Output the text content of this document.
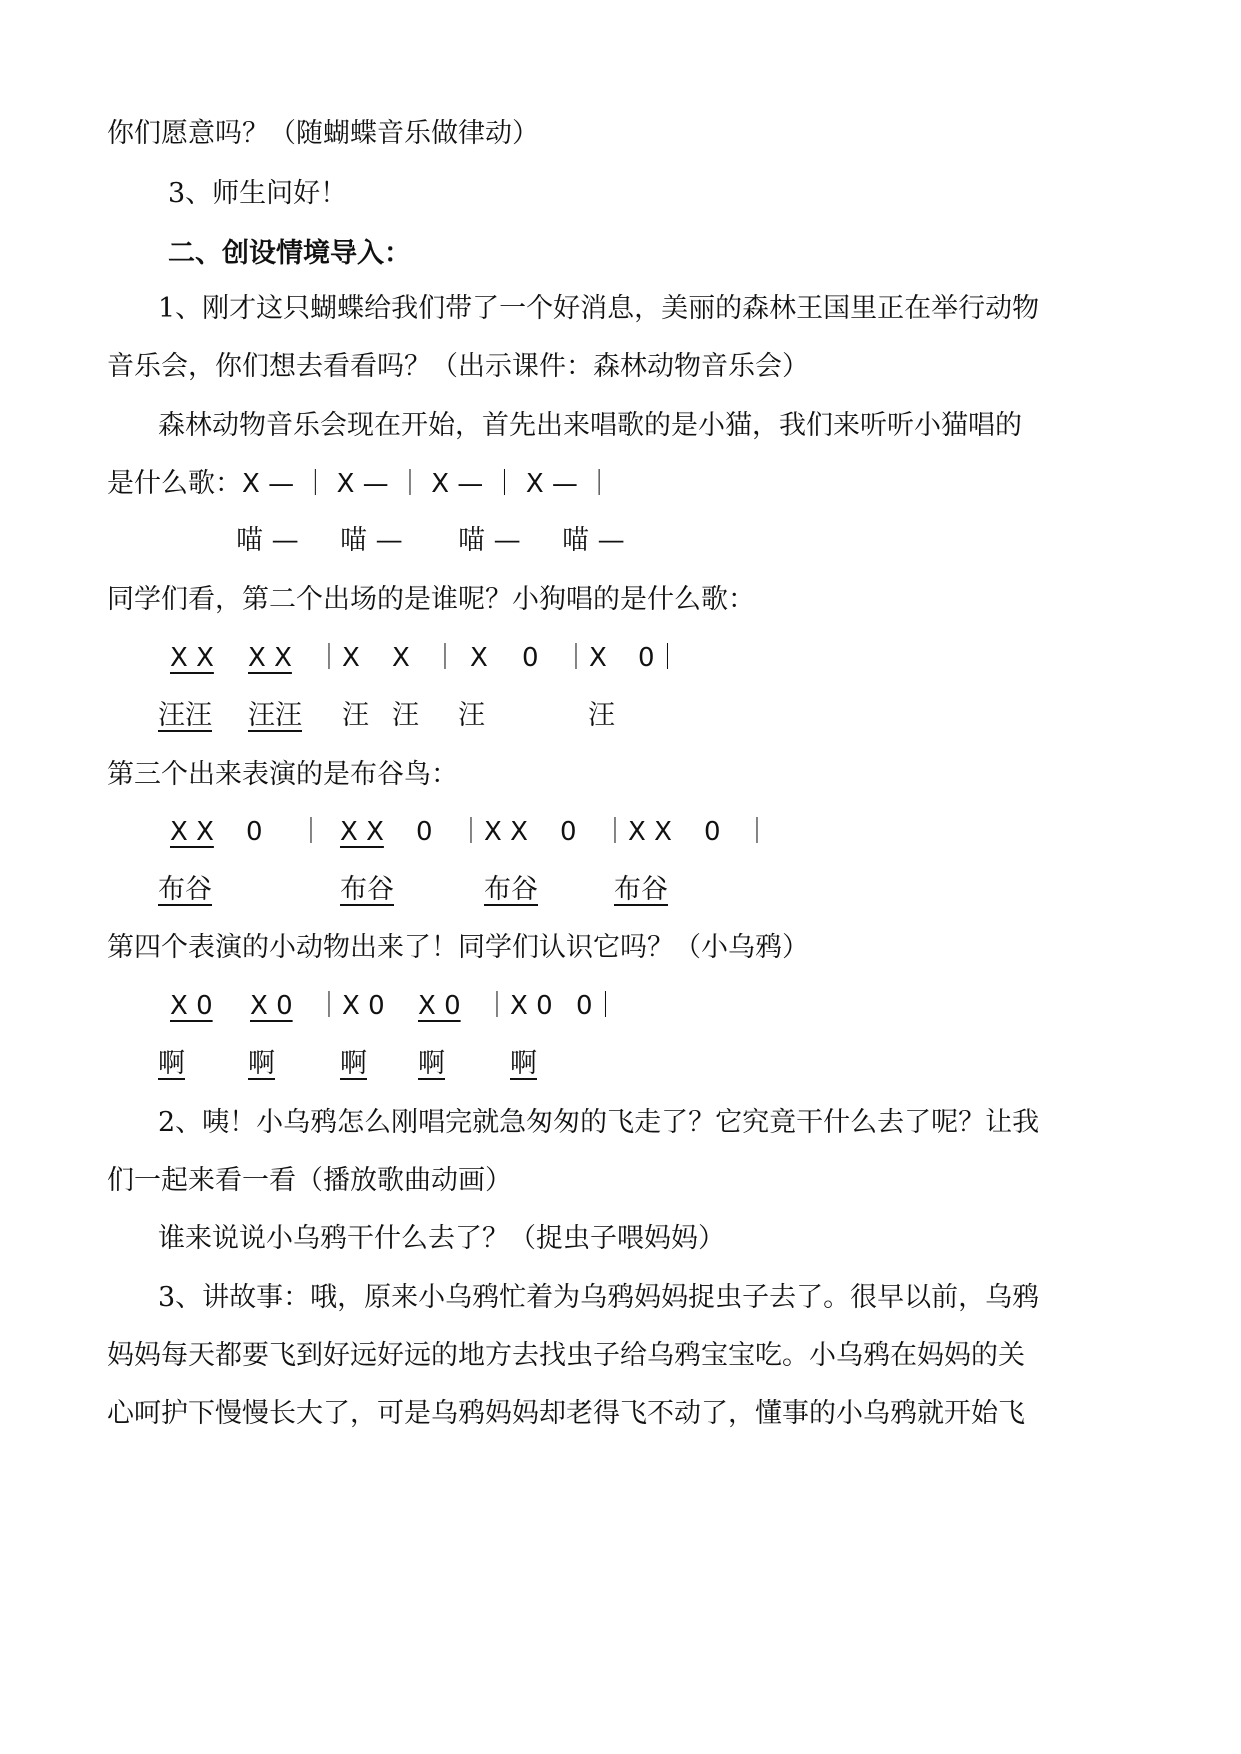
你们愿意吗？（随蝴蝶音乐做律动）
3、师生问好！
二、创设情境导入：
1、刚才这只蝴蝶给我们带了一个好消息，美丽的森林王国里正在举行动物
音乐会，你们想去看看吗？（出示课件：森林动物音乐会）
森林动物音乐会现在开始，首先出来唱歌的是小猫，我们来听听小猫唱的
是什么歌：X — ｜ X — ｜ X — ｜ X — ｜
喵 — 喵 — 喵 — 喵 —
同学们看，第二个出场的是谁呢？小狗唱的是什么歌：
X X X X ｜X X ｜ X 0 ｜X 0｜
汪汪 汪汪 汪 汪 汪	汪
第三个出来表演的是布谷鸟：
X X 0 ｜ X X 0 ｜X X 0 ｜X X 0 ｜
布谷	布谷	布谷	布谷
第四个表演的小动物出来了！同学们认识它吗？（小乌鸦）
X 0 X 0 ｜X 0 X 0 ｜X 0 0｜
啊 啊 啊 啊 啊
2、咦！小乌鸦怎么刚唱完就急匆匆的飞走了？它究竟干什么去了呢？让我
们一起来看一看（播放歌曲动画）
谁来说说小乌鸦干什么去了？（捉虫子喂妈妈）
3、讲故事：哦，原来小乌鸦忙着为乌鸦妈妈捉虫子去了。很早以前，乌鸦
妈妈每天都要飞到好远好远的地方去找虫子给乌鸦宝宝吃。小乌鸦在妈妈的关
心呵护下慢慢长大了，可是乌鸦妈妈却老得飞不动了，懂事的小乌鸦就开始飞
